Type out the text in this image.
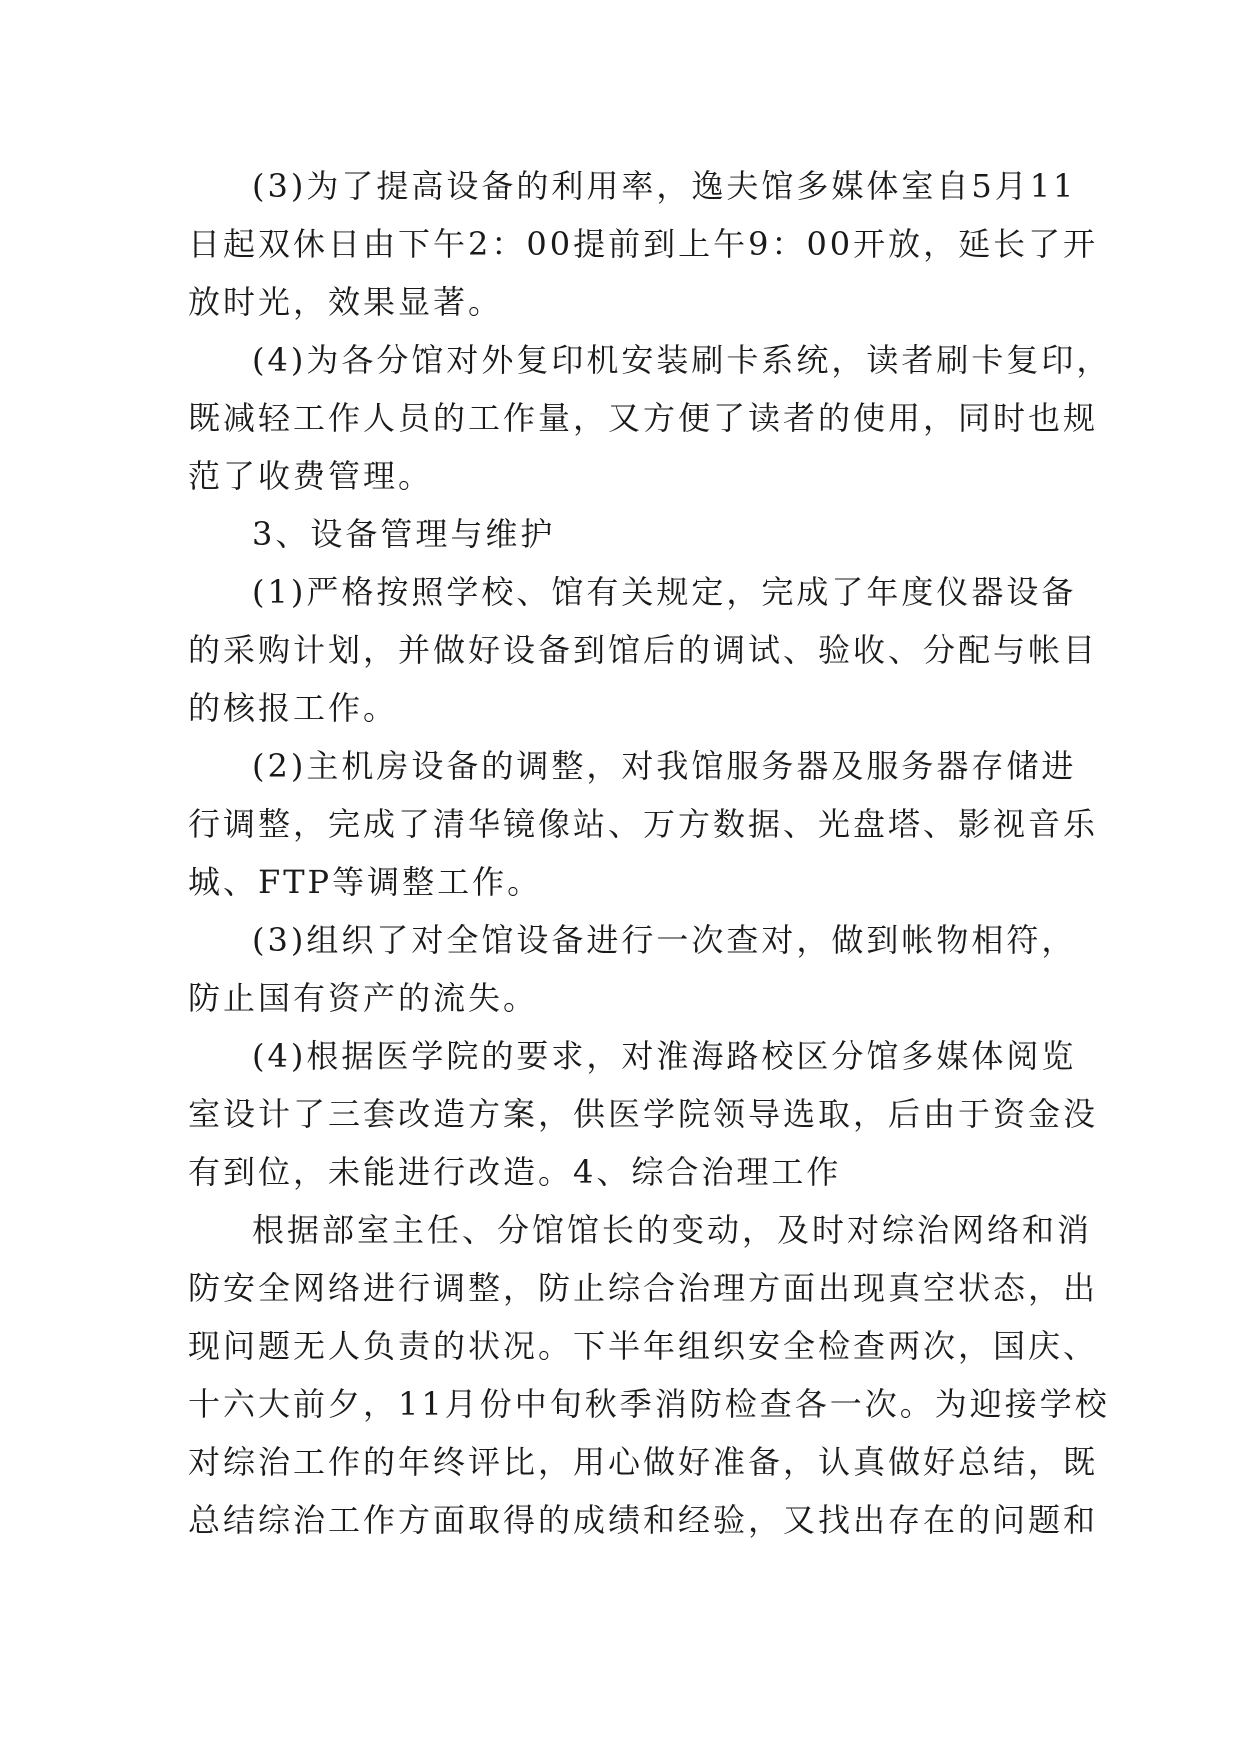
(3)为了提高设备的利用率，逸夫馆多媒体室自5月11
日起双休日由下午2：00提前到上午9：00开放，延长了开
放时光，效果显著。
(4)为各分馆对外复印机安装刷卡系统，读者刷卡复印，
既减轻工作人员的工作量，又方便了读者的使用，同时也规
范了收费管理。
3、设备管理与维护
(1)严格按照学校、馆有关规定，完成了年度仪器设备
的采购计划，并做好设备到馆后的调试、验收、分配与帐目
的核报工作。
(2)主机房设备的调整，对我馆服务器及服务器存储进
行调整，完成了清华镜像站、万方数据、光盘塔、影视音乐
城、FTP等调整工作。
(3)组织了对全馆设备进行一次查对，做到帐物相符，
防止国有资产的流失。
(4)根据医学院的要求，对淮海路校区分馆多媒体阅览
室设计了三套改造方案，供医学院领导选取，后由于资金没
有到位，未能进行改造。4、综合治理工作
根据部室主任、分馆馆长的变动，及时对综治网络和消
防安全网络进行调整，防止综合治理方面出现真空状态，出
现问题无人负责的状况。下半年组织安全检查两次，国庆、
十六大前夕，11月份中旬秋季消防检查各一次。为迎接学校
对综治工作的年终评比，用心做好准备，认真做好总结，既
总结综治工作方面取得的成绩和经验，又找出存在的问题和
